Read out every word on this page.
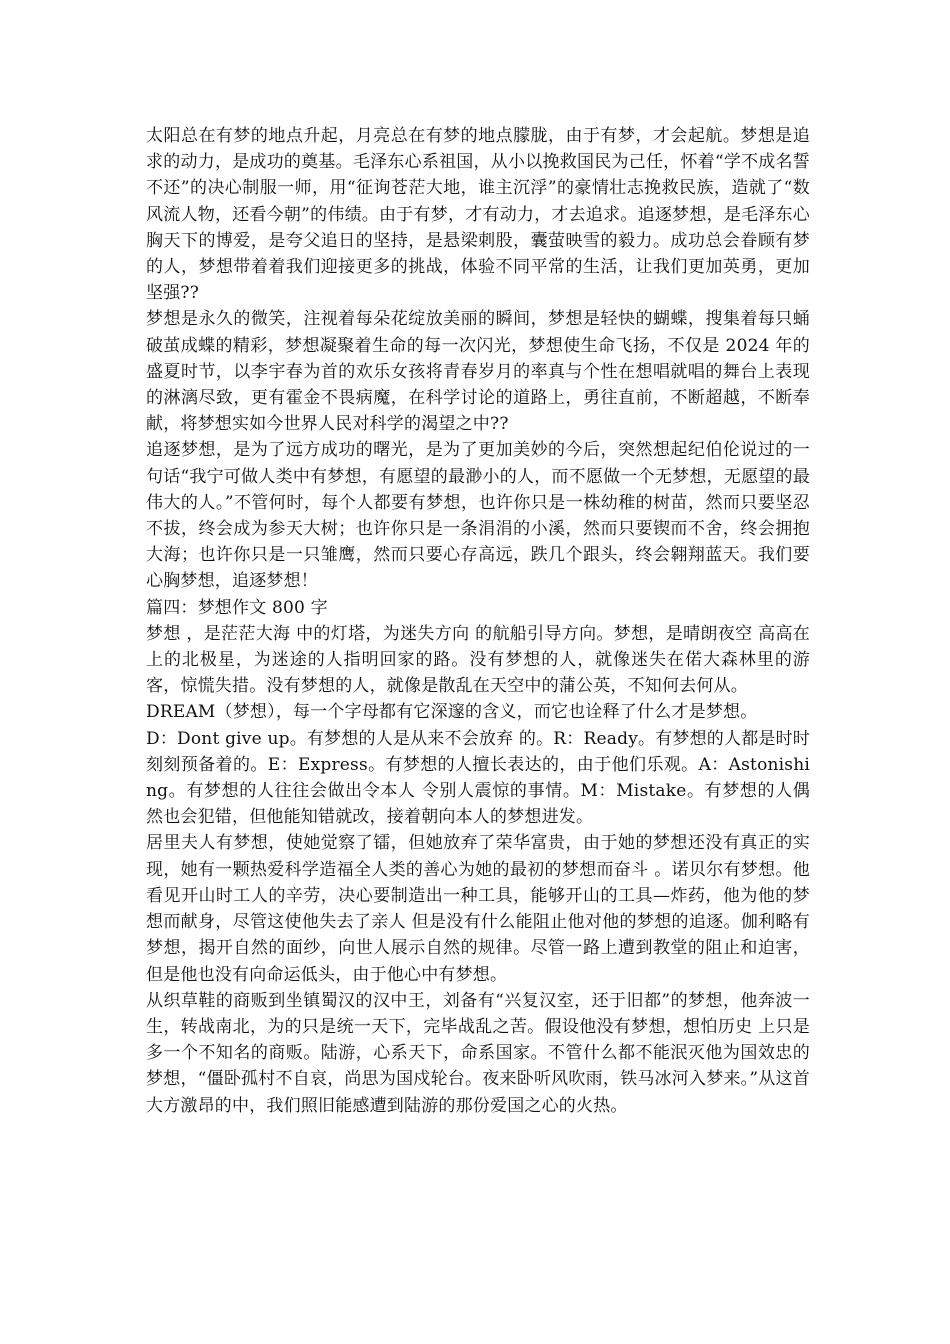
太阳总在有梦的地点升起，月亮总在有梦的地点朦胧，由于有梦，才会起航。梦想是追求的动力，是成功的奠基。毛泽东心系祖国，从小以挽救国民为己任，怀着“学不成名誓不还”的决心制服一师，用“征询苍茫大地，谁主沉浮”的豪情壮志挽救民族，造就了“数风流人物，还看今朝”的伟绩。由于有梦，才有动力，才去追求。追逐梦想，是毛泽东心胸天下的博爱，是夸父追日的坚持，是悬梁刺股，囊萤映雪的毅力。成功总会眷顾有梦的人，梦想带着着我们迎接更多的挑战，体验不同平常的生活，让我们更加英勇，更加坚强??

梦想是永久的微笑，注视着每朵花绽放美丽的瞬间，梦想是轻快的蝴蝶，搜集着每只蛹破茧成蝶的精彩，梦想凝聚着生命的每一次闪光，梦想使生命飞扬，不仅是 2024 年的盛夏时节，以李宇春为首的欢乐女孩将青春岁月的率真与个性在想唱就唱的舞台上表现的淋漓尽致，更有霍金不畏病魔，在科学讨论的道路上，勇往直前，不断超越，不断奉献，将梦想实如今世界人民对科学的渴望之中??

追逐梦想，是为了远方成功的曙光，是为了更加美妙的今后，突然想起纪伯伦说过的一句话“我宁可做人类中有梦想，有愿望的最渺小的人，而不愿做一个无梦想，无愿望的最伟大的人。”不管何时，每个人都要有梦想，也许你只是一株幼稚的树苗，然而只要坚忍不拔，终会成为参天大树；也许你只是一条涓涓的小溪，然而只要锲而不舍，终会拥抱大海；也许你只是一只雏鹰，然而只要心存高远，跌几个跟头，终会翱翔蓝天。我们要心胸梦想，追逐梦想！

篇四：梦想作文 800 字

梦想 ，是茫茫大海 中的灯塔，为迷失方向 的航船引导方向。梦想，是晴朗夜空 高高在上的北极星，为迷途的人指明回家的路。没有梦想的人，就像迷失在偌大森林里的游客，惊慌失措。没有梦想的人，就像是散乱在天空中的蒲公英，不知何去何从。

DREAM（梦想），每一个字母都有它深邃的含义，而它也诠释了什么才是梦想。

D：Dont give up。有梦想的人是从来不会放弃 的。R：Ready。有梦想的人都是时时刻刻预备着的。E：Express。有梦想的人擅长表达的，由于他们乐观。A：Astonishing。有梦想的人往往会做出令本人 令别人震惊的事情。M：Mistake。有梦想的人偶然也会犯错，但他能知错就改，接着朝向本人的梦想进发。

居里夫人有梦想，使她觉察了镭，但她放弃了荣华富贵，由于她的梦想还没有真正的实现，她有一颗热爱科学造福全人类的善心为她的最初的梦想而奋斗 。诺贝尔有梦想。他看见开山时工人的辛劳，决心要制造出一种工具，能够开山的工具—炸药，他为他的梦想而献身，尽管这使他失去了亲人 但是没有什么能阻止他对他的梦想的追逐。伽利略有梦想，揭开自然的面纱，向世人展示自然的规律。尽管一路上遭到教堂的阻止和迫害，但是他也没有向命运低头，由于他心中有梦想。

从织草鞋的商贩到坐镇蜀汉的汉中王，刘备有“兴复汉室，还于旧都”的梦想，他奔波一生，转战南北，为的只是统一天下，完毕战乱之苦。假设他没有梦想，想怕历史 上只是多一个不知名的商贩。陆游，心系天下，命系国家。不管什么都不能泯灭他为国效忠的梦想，“僵卧孤村不自哀，尚思为国戍轮台。夜来卧听风吹雨，铁马冰河入梦来。”从这首大方激昂的中，我们照旧能感遭到陆游的那份爱国之心的火热。
